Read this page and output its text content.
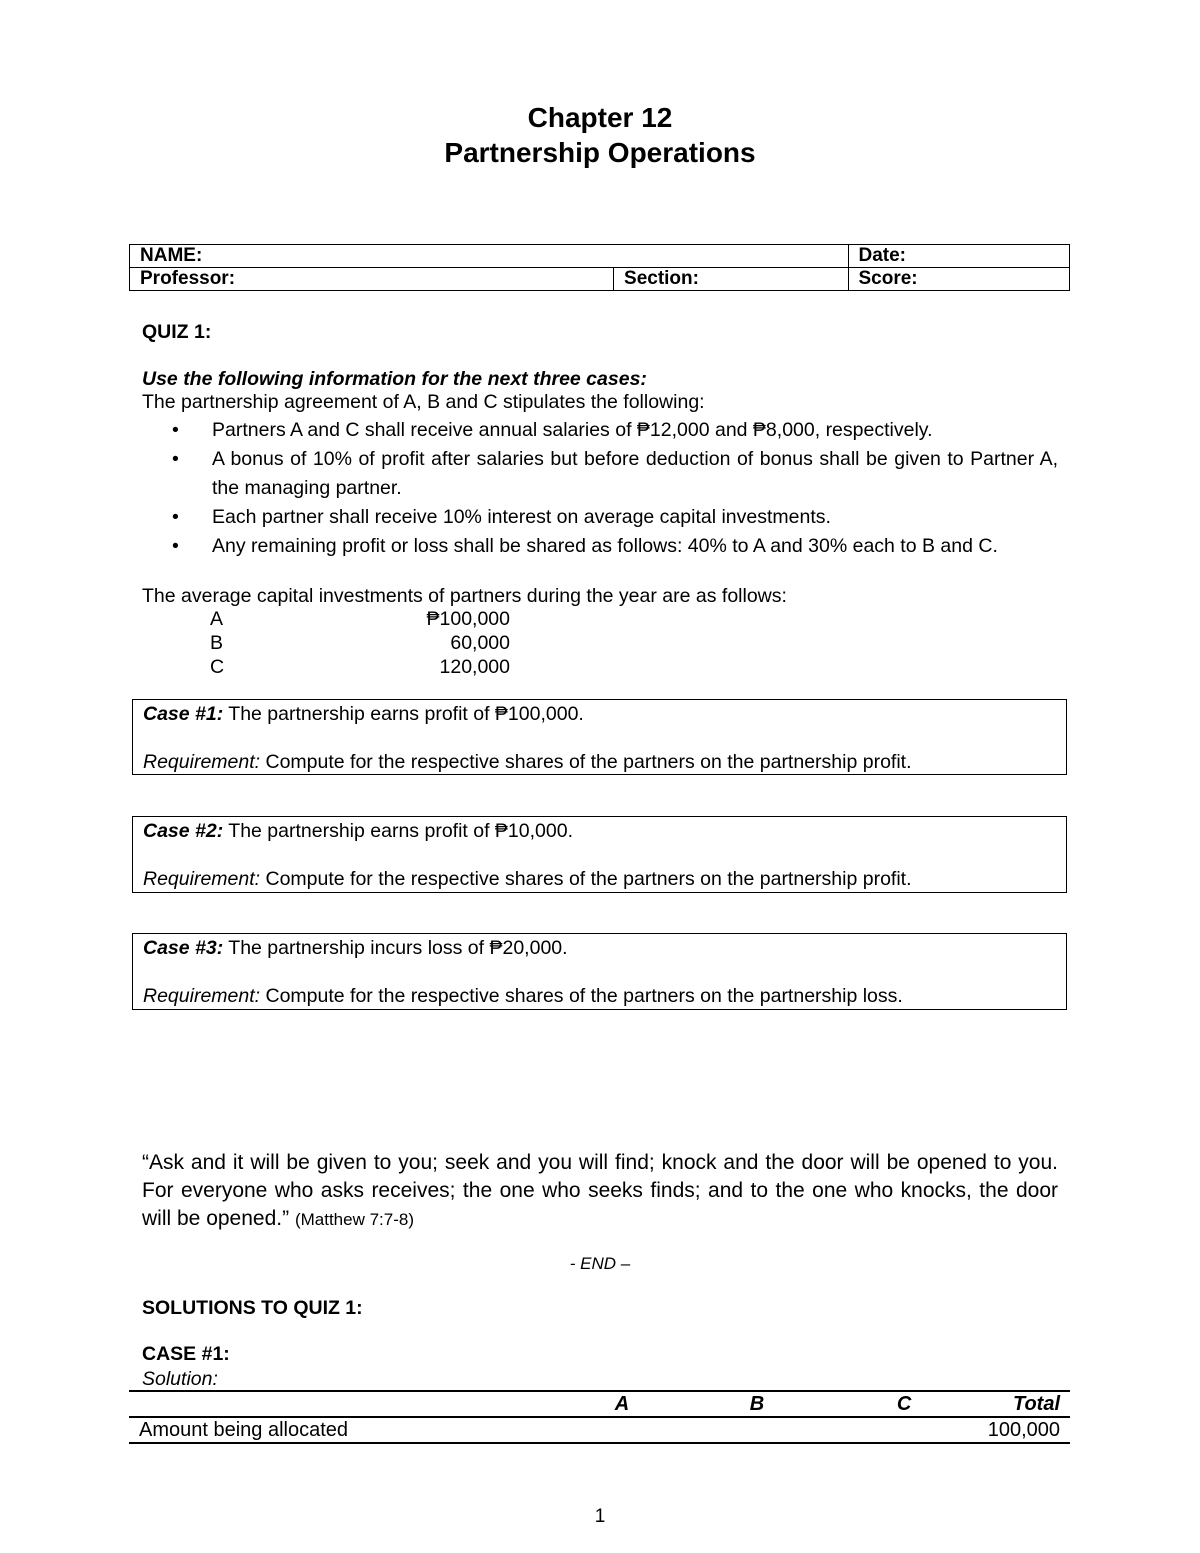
Chapter 12
Partnership Operations
NAME:		Date:
Professor:	Section:	Score:
QUIZ 1:
Use the following information for the next three cases:
The partnership agreement of A, B and C stipulates the following:
• Partners A and C shall receive annual salaries of ₱12,000 and ₱8,000, respectively.
• A bonus of 10% of profit after salaries but before deduction of bonus shall be given to Partner A, the managing partner.
• Each partner shall receive 10% interest on average capital investments.
• Any remaining profit or loss shall be shared as follows: 40% to A and 30% each to B and C.
The average capital investments of partners during the year are as follows:
A	₱100,000
B	60,000
C	120,000
Case #1: The partnership earns profit of ₱100,000.
Requirement: Compute for the respective shares of the partners on the partnership profit.
Case #2: The partnership earns profit of ₱10,000.
Requirement: Compute for the respective shares of the partners on the partnership profit.
Case #3: The partnership incurs loss of ₱20,000.
Requirement: Compute for the respective shares of the partners on the partnership loss.
“Ask and it will be given to you; seek and you will find; knock and the door will be opened to you. For everyone who asks receives; the one who seeks finds; and to the one who knocks, the door will be opened.” (Matthew 7:7-8)
- END –
SOLUTIONS TO QUIZ 1:
CASE #1:
Solution:
	A	B	C	Total
Amount being allocated				100,000
1
